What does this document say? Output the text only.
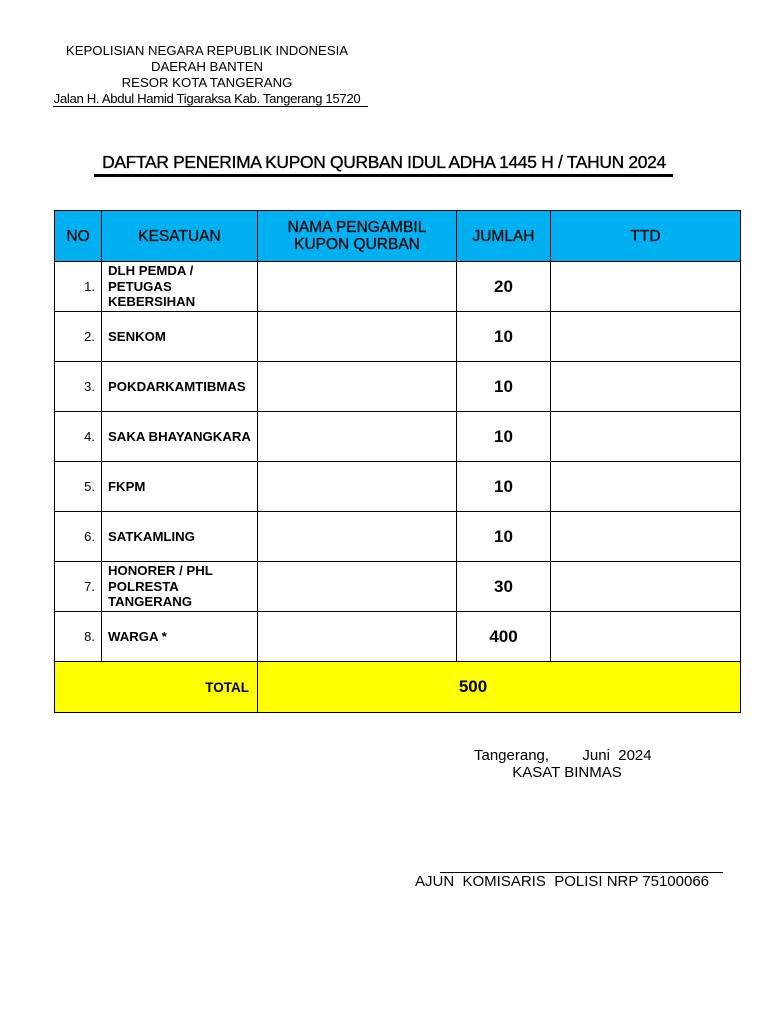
KEPOLISIAN NEGARA REPUBLIK INDONESIA
DAERAH BANTEN
RESOR KOTA TANGERANG
Jalan H. Abdul Hamid Tigaraksa Kab. Tangerang 15720
DAFTAR PENERIMA KUPON QURBAN IDUL ADHA 1445 H / TAHUN 2024
NO	KESATUAN	NAMA PENGAMBIL KUPON QURBAN	JUMLAH	TTD
1.	DLH PEMDA / PETUGAS KEBERSIHAN		20	
2.	SENKOM		10	
3.	POKDARKAMTIBMAS		10	
4.	SAKA BHAYANGKARA		10	
5.	FKPM		10	
6.	SATKAMLING		10	
7.	HONORER / PHL POLRESTA TANGERANG		30	
8.	WARGA *		400	
TOTAL		500		
Tangerang,        Juni  2024
KASAT BINMAS
AJUN  KOMISARIS  POLISI NRP 75100066
